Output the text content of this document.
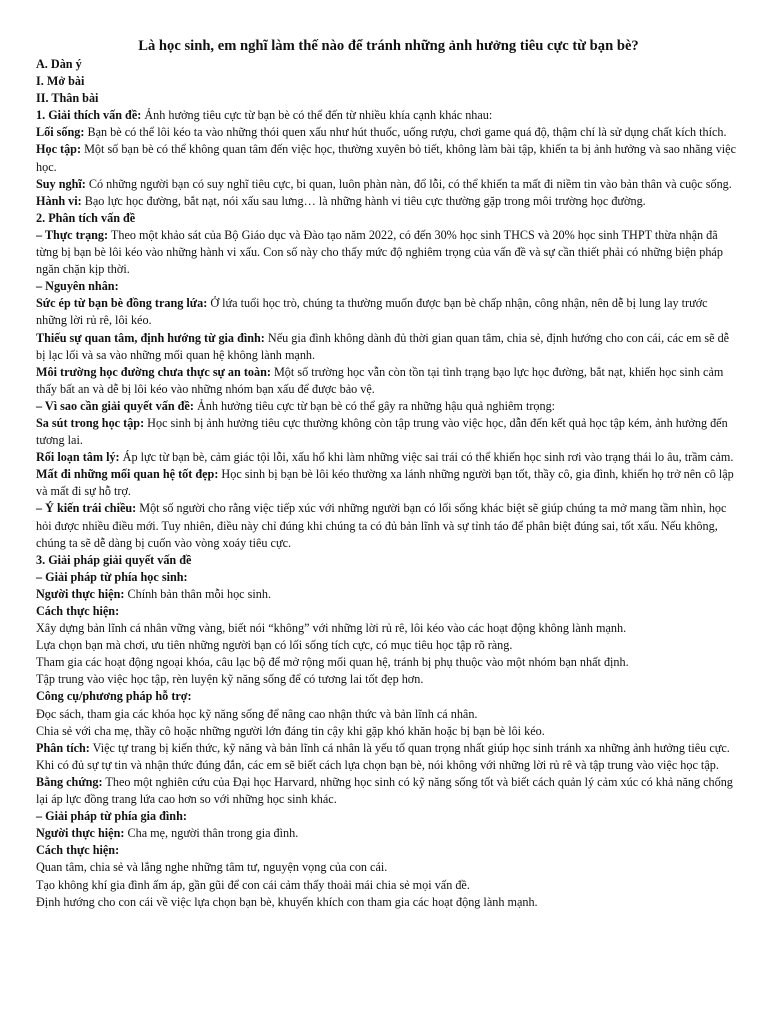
Là học sinh, em nghĩ làm thế nào để tránh những ảnh hưởng tiêu cực từ bạn bè?
A. Dàn ý
I. Mở bài
II. Thân bài
1. Giải thích vấn đề: Ảnh hưởng tiêu cực từ bạn bè có thể đến từ nhiều khía cạnh khác nhau:
Lối sống: Bạn bè có thể lôi kéo ta vào những thói quen xấu như hút thuốc, uống rượu, chơi game quá độ, thậm chí là sử dụng chất kích thích.
Học tập: Một số bạn bè có thể không quan tâm đến việc học, thường xuyên bỏ tiết, không làm bài tập, khiến ta bị ảnh hưởng và sao nhãng việc học.
Suy nghĩ: Có những người bạn có suy nghĩ tiêu cực, bi quan, luôn phàn nàn, đổ lỗi, có thể khiến ta mất đi niềm tin vào bản thân và cuộc sống.
Hành vi: Bạo lực học đường, bắt nạt, nói xấu sau lưng… là những hành vi tiêu cực thường gặp trong môi trường học đường.
2. Phân tích vấn đề
– Thực trạng: Theo một khảo sát của Bộ Giáo dục và Đào tạo năm 2022, có đến 30% học sinh THCS và 20% học sinh THPT thừa nhận đã từng bị bạn bè lôi kéo vào những hành vi xấu. Con số này cho thấy mức độ nghiêm trọng của vấn đề và sự cần thiết phải có những biện pháp ngăn chặn kịp thời.
– Nguyên nhân:
Sức ép từ bạn bè đồng trang lứa: Ở lứa tuổi học trò, chúng ta thường muốn được bạn bè chấp nhận, công nhận, nên dễ bị lung lay trước những lời rủ rê, lôi kéo.
Thiếu sự quan tâm, định hướng từ gia đình: Nếu gia đình không dành đủ thời gian quan tâm, chia sẻ, định hướng cho con cái, các em sẽ dễ bị lạc lối và sa vào những mối quan hệ không lành mạnh.
Môi trường học đường chưa thực sự an toàn: Một số trường học vẫn còn tồn tại tình trạng bạo lực học đường, bắt nạt, khiến học sinh cảm thấy bất an và dễ bị lôi kéo vào những nhóm bạn xấu để được bảo vệ.
– Vì sao cần giải quyết vấn đề: Ảnh hưởng tiêu cực từ bạn bè có thể gây ra những hậu quả nghiêm trọng:
Sa sút trong học tập: Học sinh bị ảnh hưởng tiêu cực thường không còn tập trung vào việc học, dẫn đến kết quả học tập kém, ảnh hưởng đến tương lai.
Rối loạn tâm lý: Áp lực từ bạn bè, cảm giác tội lỗi, xấu hổ khi làm những việc sai trái có thể khiến học sinh rơi vào trạng thái lo âu, trầm cảm.
Mất đi những mối quan hệ tốt đẹp: Học sinh bị bạn bè lôi kéo thường xa lánh những người bạn tốt, thầy cô, gia đình, khiến họ trở nên cô lập và mất đi sự hỗ trợ.
– Ý kiến trái chiều: Một số người cho rằng việc tiếp xúc với những người bạn có lối sống khác biệt sẽ giúp chúng ta mở mang tầm nhìn, học hỏi được nhiều điều mới. Tuy nhiên, điều này chỉ đúng khi chúng ta có đủ bản lĩnh và sự tỉnh táo để phân biệt đúng sai, tốt xấu. Nếu không, chúng ta sẽ dễ dàng bị cuốn vào vòng xoáy tiêu cực.
3. Giải pháp giải quyết vấn đề
– Giải pháp từ phía học sinh:
Người thực hiện: Chính bản thân mỗi học sinh.
Cách thực hiện:
Xây dựng bản lĩnh cá nhân vững vàng, biết nói “không” với những lời rủ rê, lôi kéo vào các hoạt động không lành mạnh.
Lựa chọn bạn mà chơi, ưu tiên những người bạn có lối sống tích cực, có mục tiêu học tập rõ ràng.
Tham gia các hoạt động ngoại khóa, câu lạc bộ để mở rộng mối quan hệ, tránh bị phụ thuộc vào một nhóm bạn nhất định.
Tập trung vào việc học tập, rèn luyện kỹ năng sống để có tương lai tốt đẹp hơn.
Công cụ/phương pháp hỗ trợ:
Đọc sách, tham gia các khóa học kỹ năng sống để nâng cao nhận thức và bản lĩnh cá nhân.
Chia sẻ với cha mẹ, thầy cô hoặc những người lớn đáng tin cậy khi gặp khó khăn hoặc bị bạn bè lôi kéo.
Phân tích: Việc tự trang bị kiến thức, kỹ năng và bản lĩnh cá nhân là yếu tố quan trọng nhất giúp học sinh tránh xa những ảnh hưởng tiêu cực. Khi có đủ sự tự tin và nhận thức đúng đắn, các em sẽ biết cách lựa chọn bạn bè, nói không với những lời rủ rê và tập trung vào việc học tập.
Bằng chứng: Theo một nghiên cứu của Đại học Harvard, những học sinh có kỹ năng sống tốt và biết cách quản lý cảm xúc có khả năng chống lại áp lực đồng trang lứa cao hơn so với những học sinh khác.
– Giải pháp từ phía gia đình:
Người thực hiện: Cha mẹ, người thân trong gia đình.
Cách thực hiện:
Quan tâm, chia sẻ và lắng nghe những tâm tư, nguyện vọng của con cái.
Tạo không khí gia đình ấm áp, gần gũi để con cái cảm thấy thoải mái chia sẻ mọi vấn đề.
Định hướng cho con cái về việc lựa chọn bạn bè, khuyến khích con tham gia các hoạt động lành mạnh.
